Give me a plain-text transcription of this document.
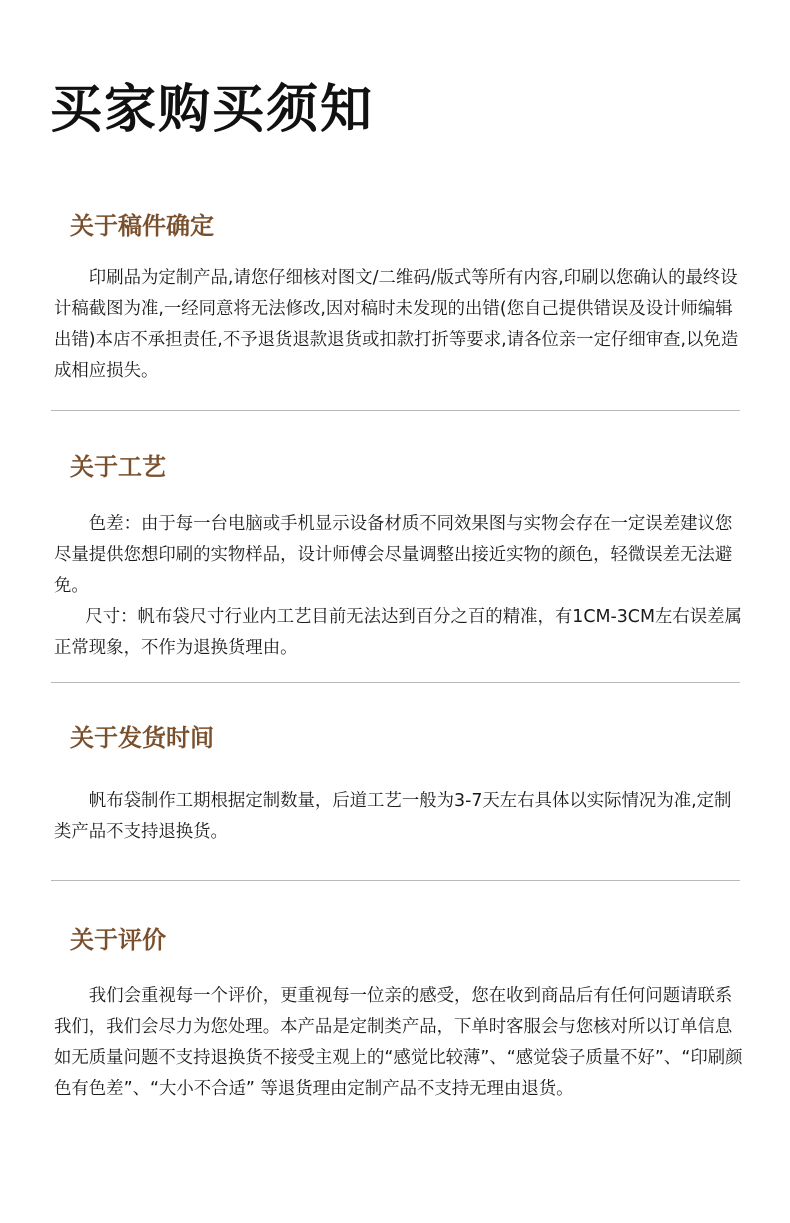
买家购买须知
关于稿件确定

印刷品为定制产品,请您仔细核对图文/二维码/版式等所有内容,印刷以您确认的最终设计稿截图为准,一经同意将无法修改,因对稿时未发现的出错(您自己提供错误及设计师编辑出错)本店不承担责任,不予退货退款退货或扣款打折等要求,请各位亲一定仔细审查,以免造成相应损失。

关于工艺

色差：由于每一台电脑或手机显示设备材质不同效果图与实物会存在一定误差建议您尽量提供您想印刷的实物样品，设计师傅会尽量调整出接近实物的颜色，轻微误差无法避免。

尺寸：帆布袋尺寸行业内工艺目前无法达到百分之百的精准，有1CM-3CM左右误差属正常现象，不作为退换货理由。

关于发货时间

帆布袋制作工期根据定制数量，后道工艺一般为3-7天左右具体以实际情况为准,定制类产品不支持退换货。

关于评价

我们会重视每一个评价，更重视每一位亲的感受，您在收到商品后有任何问题请联系我们，我们会尽力为您处理。本产品是定制类产品，下单时客服会与您核对所以订单信息如无质量问题不支持退换货不接受主观上的“感觉比较薄”、“感觉袋子质量不好”、“印刷颜色有色差”、“大小不合适” 等退货理由定制产品不支持无理由退货。
